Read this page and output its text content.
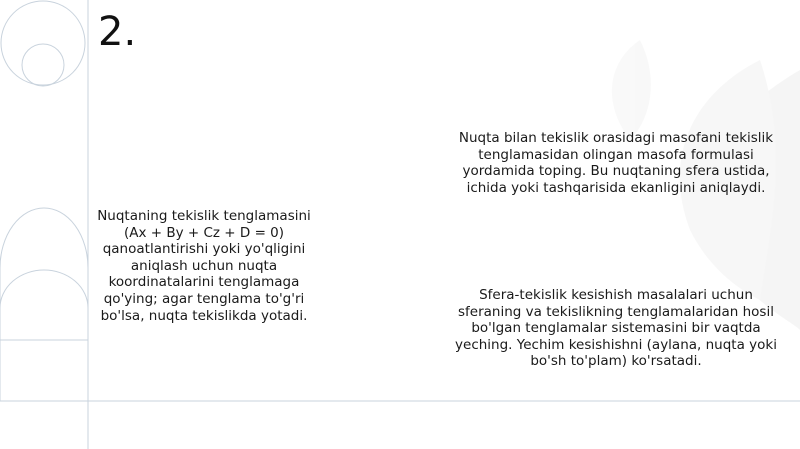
2.

Nuqtaning tekislik tenglamasini (Ax + By + Cz + D = 0) qanoatlantirishi yoki yo'qligini aniqlash uchun nuqta koordinatalarini tenglamaga qo'ying; agar tenglama to'g'ri bo'lsa, nuqta tekislikda yotadi.

Nuqta bilan tekislik orasidagi masofani tekislik tenglamasidan olingan masofa formulasi yordamida toping. Bu nuqtaning sfera ustida, ichida yoki tashqarisida ekanligini aniqlaydi.

Sfera-tekislik kesishish masalalari uchun sferaning va tekislikning tenglamalaridan hosil bo'lgan tenglamalar sistemasini bir vaqtda yeching. Yechim kesishishni (aylana, nuqta yoki bo'sh to'plam) ko'rsatadi.
